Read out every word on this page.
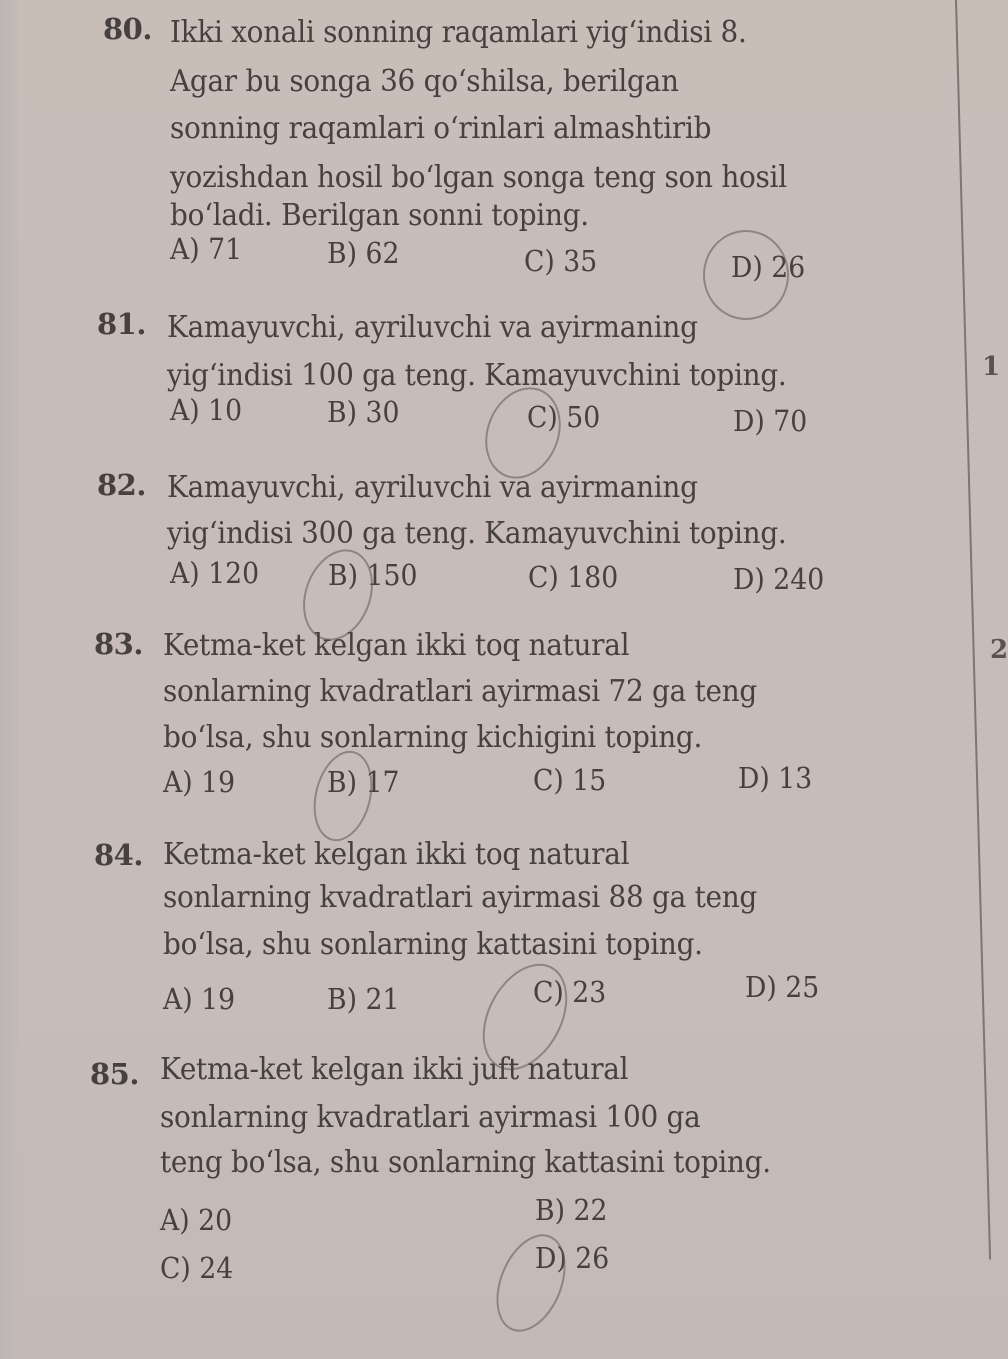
1
2
80. Ikki xonali sonning raqamlari yig‘indisi 8.
Agar bu songa 36 qo‘shilsa, berilgan
sonning raqamlari o‘rinlari almashtirib
yozishdan hosil bo‘lgan songa teng son hosil
bo‘ladi. Berilgan sonni toping.
A) 71	B) 62	C) 35	D) 26
81. Kamayuvchi, ayriluvchi va ayirmaning
yig‘indisi 100 ga teng. Kamayuvchini toping.
A) 10	B) 30	C) 50	D) 70
82. Kamayuvchi, ayriluvchi va ayirmaning
yig‘indisi 300 ga teng. Kamayuvchini toping.
A) 120 B) 150	C) 180	D) 240
83. Ketma-ket kelgan ikki toq natural
sonlarning kvadratlari ayirmasi 72 ga teng
bo‘lsa, shu sonlarning kichigini toping.
A) 19	B) 17	C) 15	D) 13
84. Ketma-ket kelgan ikki toq natural
sonlarning kvadratlari ayirmasi 88 ga teng
bo‘lsa, shu sonlarning kattasini toping.
A) 19	B) 21	C) 23	D) 25
85. Ketma-ket kelgan ikki juft natural
sonlarning kvadratlari ayirmasi 100 ga
teng bo‘lsa, shu sonlarning kattasini toping.
A) 20	B) 22
C) 24	D) 26
